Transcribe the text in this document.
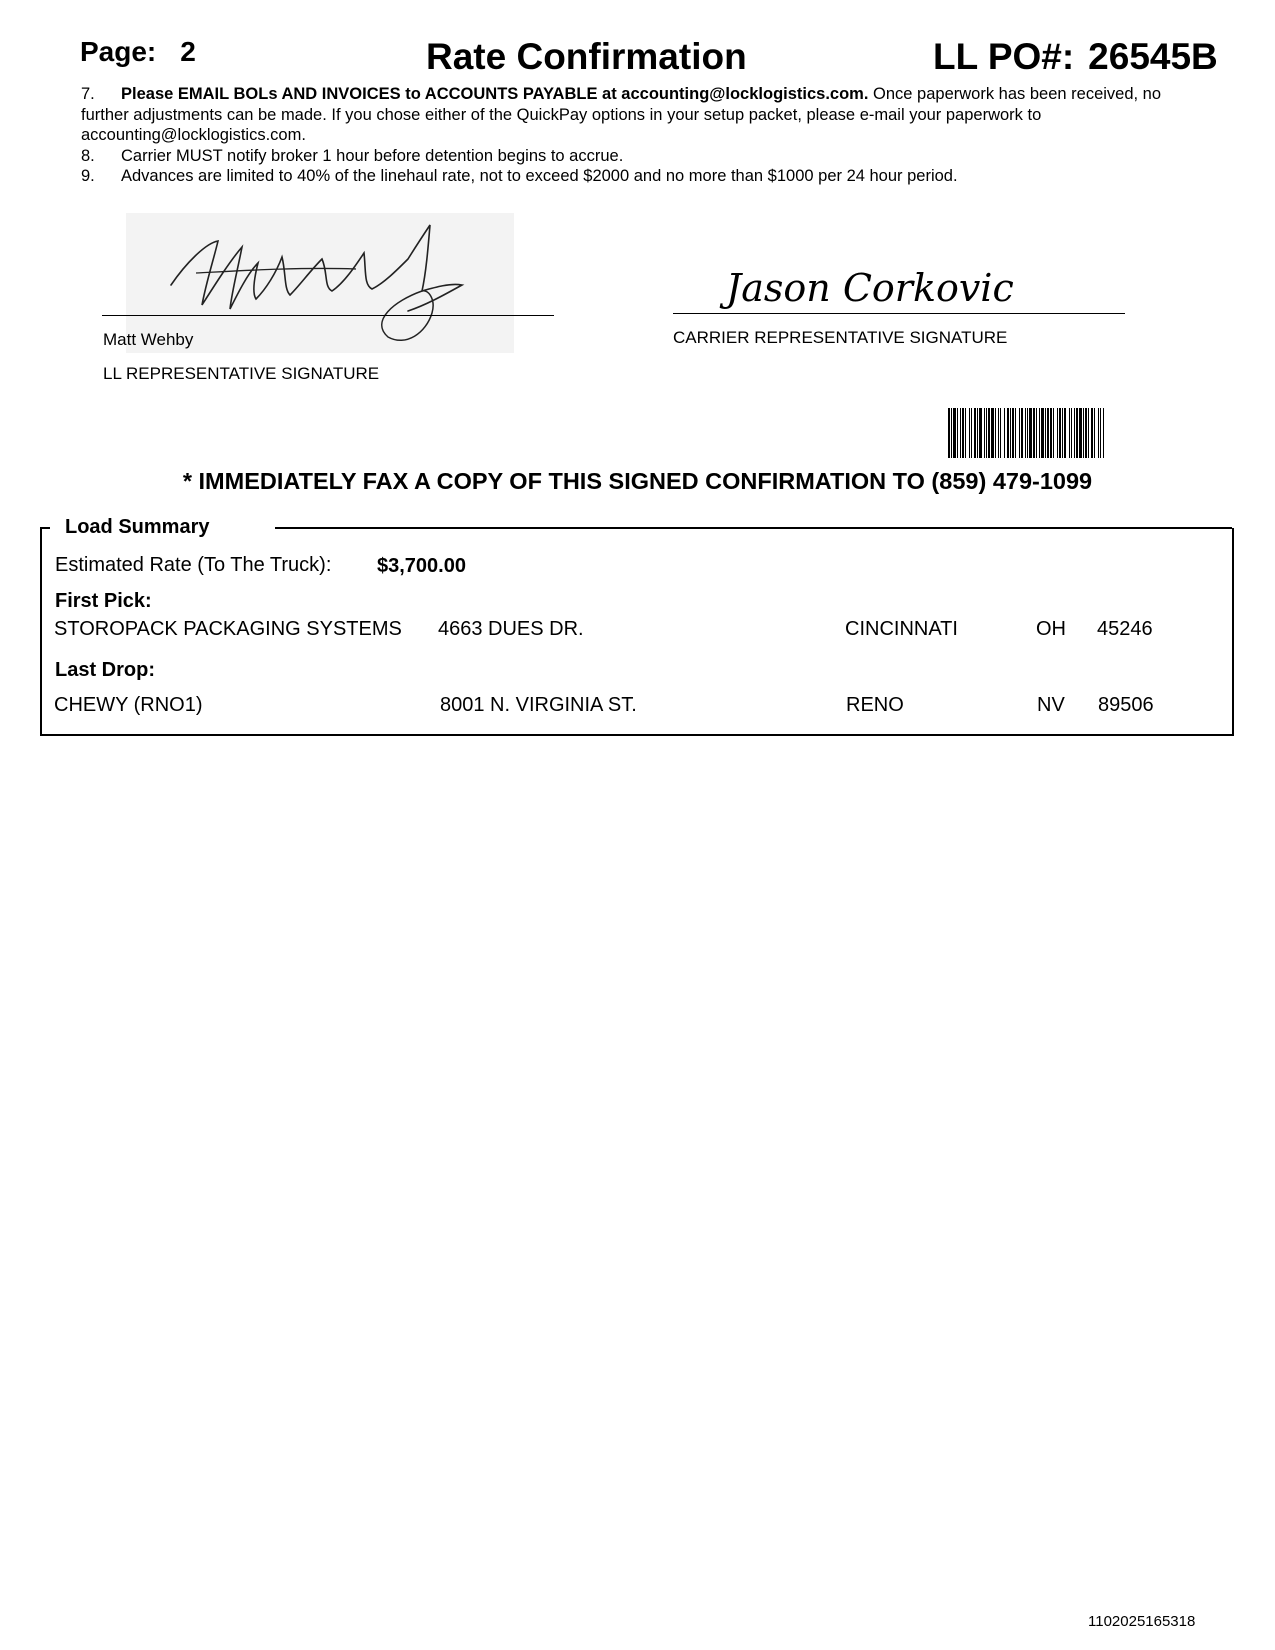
Page: 2	Rate Confirmation	LL PO#: 26545B
7. Please EMAIL BOLs AND INVOICES to ACCOUNTS PAYABLE at accounting@locklogistics.com. Once paperwork has been received, no further adjustments can be made. If you chose either of the QuickPay options in your setup packet, please e-mail your paperwork to accounting@locklogistics.com.
8. Carrier MUST notify broker 1 hour before detention begins to accrue.
9. Advances are limited to 40% of the linehaul rate, not to exceed $2000 and no more than $1000 per 24 hour period.
Matt Wehby
LL REPRESENTATIVE SIGNATURE
Jason Corkovic
CARRIER REPRESENTATIVE SIGNATURE
* IMMEDIATELY FAX A COPY OF THIS SIGNED CONFIRMATION TO (859) 479-1099
Load Summary
Estimated Rate (To The Truck): $3,700.00
First Pick:
STOROPACK PACKAGING SYSTEMS 4663 DUES DR.	CINCINNATI	OH 45246
Last Drop:
CHEWY (RNO1)	8001 N. VIRGINIA ST.	RENO	NV 89506
1102025165318
